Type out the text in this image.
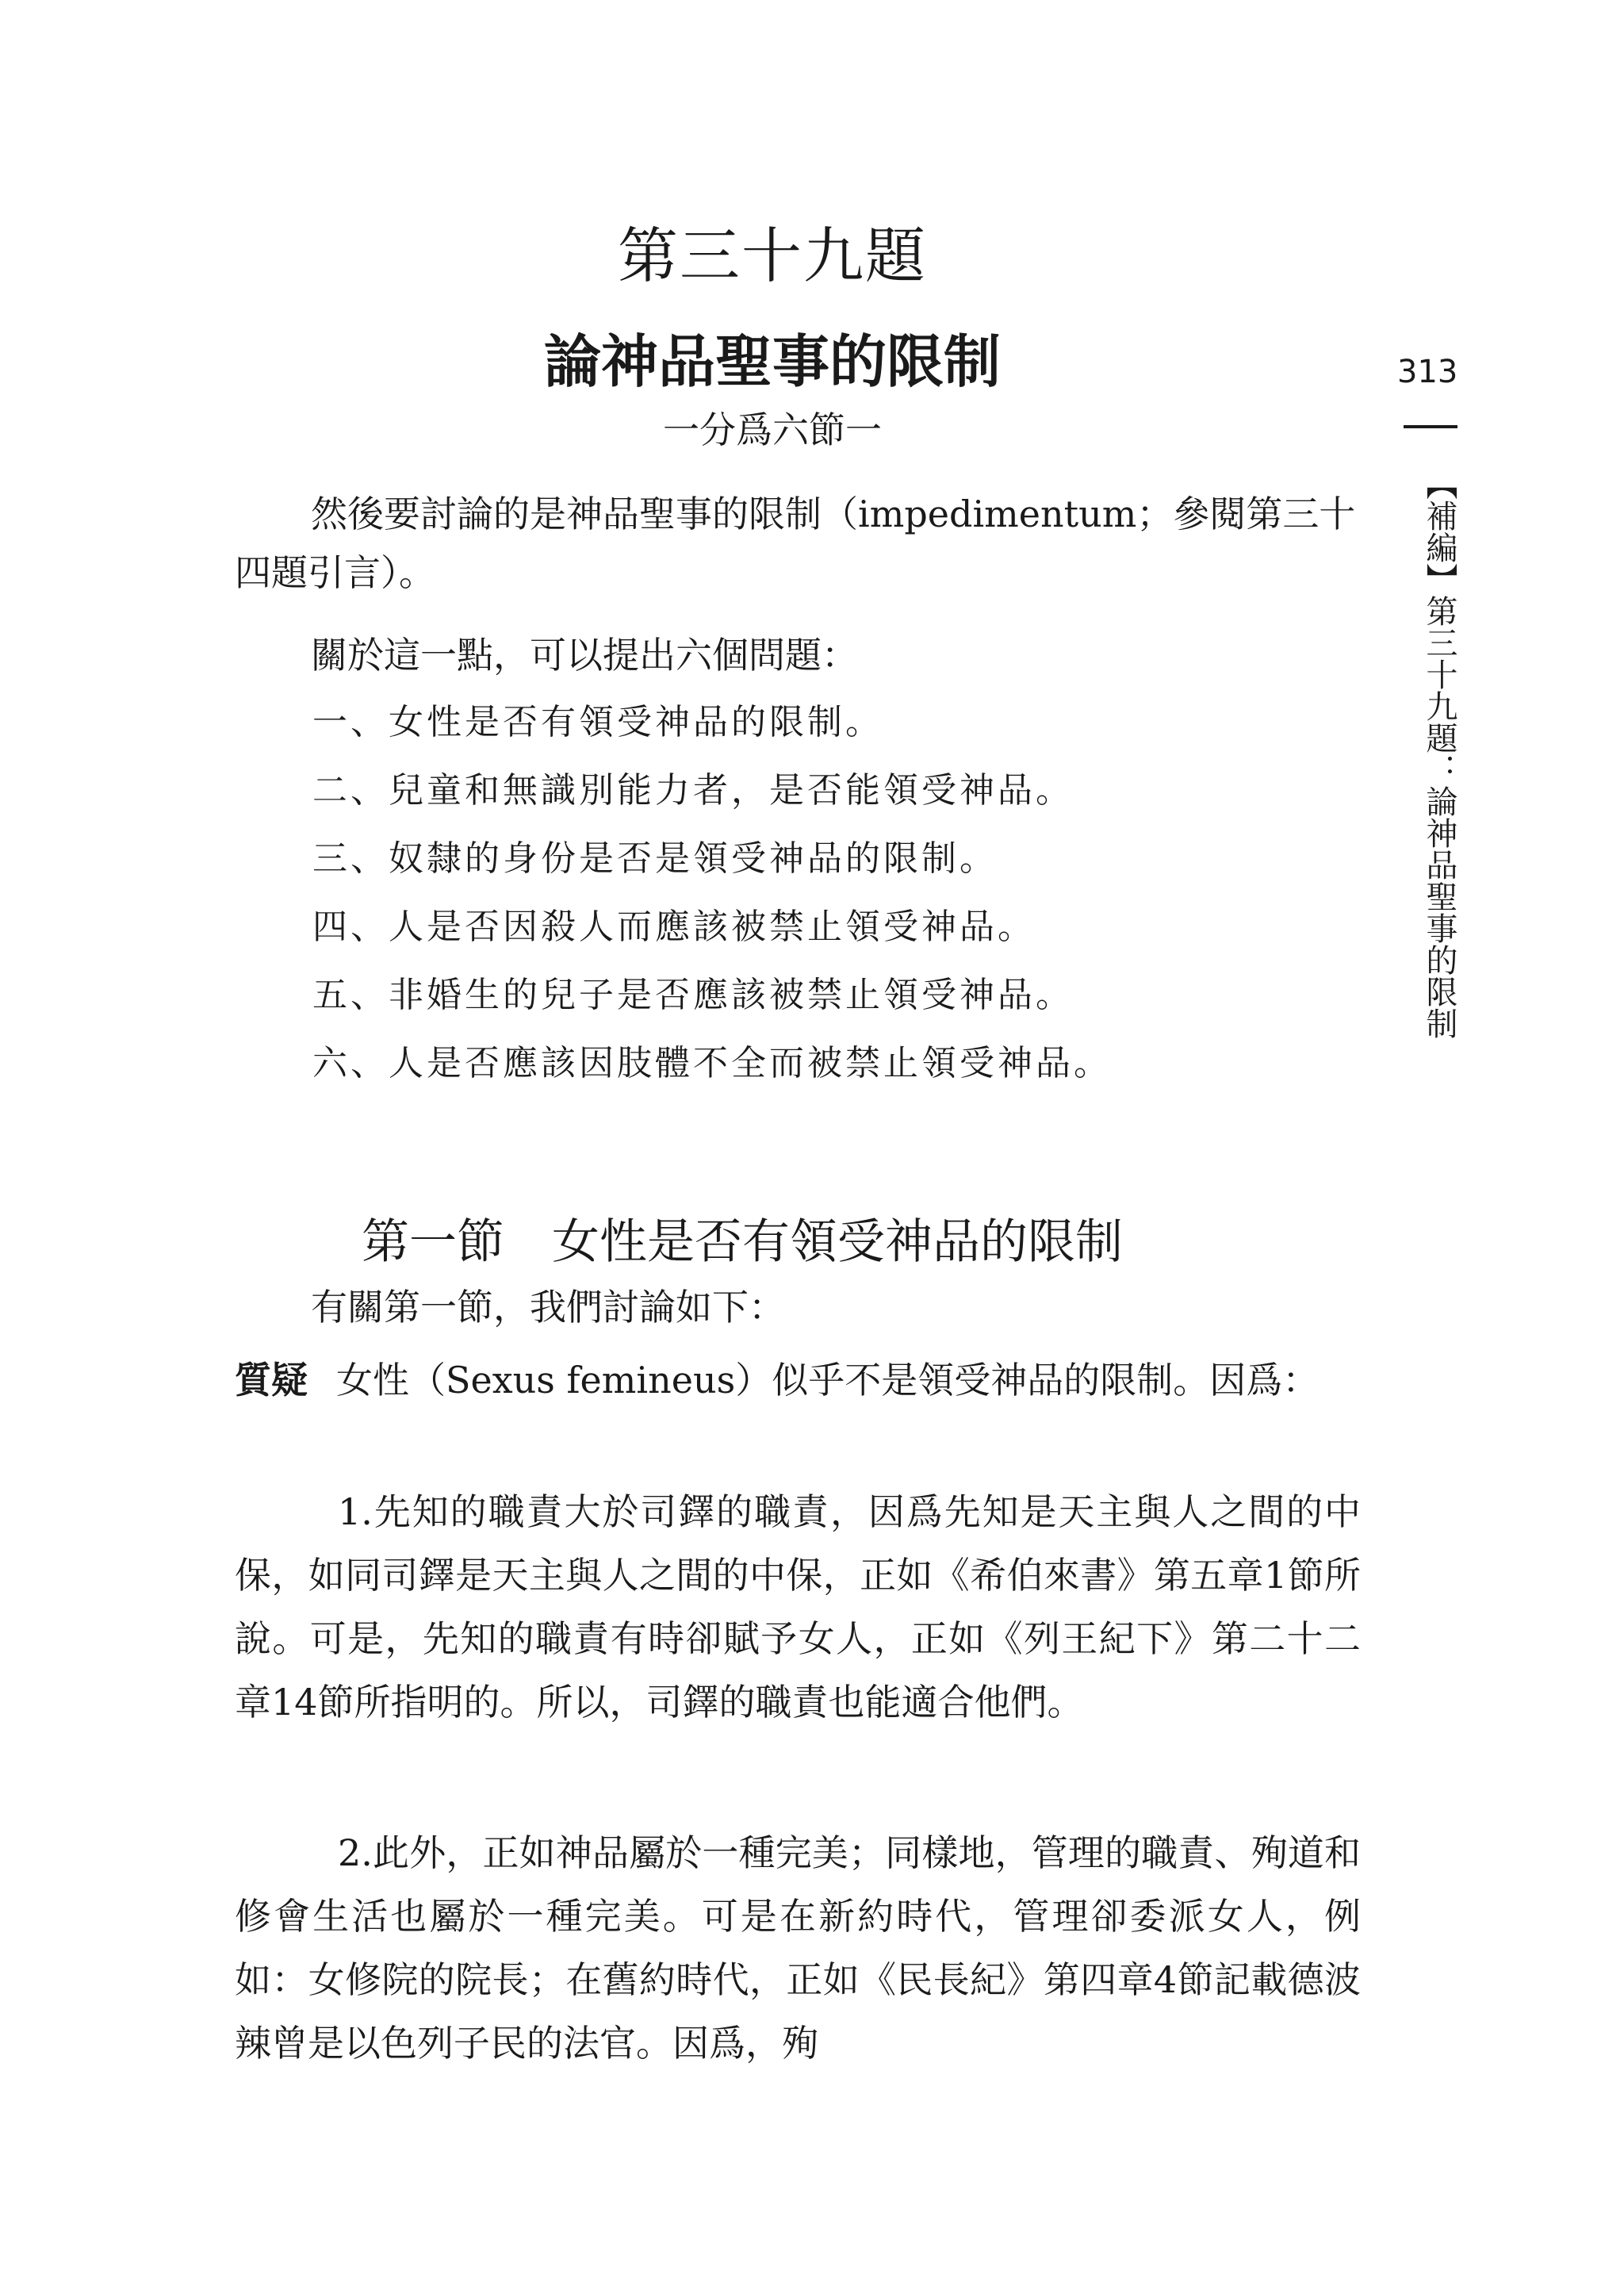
第三十九題
論神品聖事的限制
一分爲六節一
313
【補編】第三十九題：論神品聖事的限制
然後要討論的是神品聖事的限制（impedimentum；參閱第三十四題引言）。
關於這一點，可以提出六個問題：
一、女性是否有領受神品的限制。
二、兒童和無識別能力者，是否能領受神品。
三、奴隸的身份是否是領受神品的限制。
四、人是否因殺人而應該被禁止領受神品。
五、非婚生的兒子是否應該被禁止領受神品。
六、人是否應該因肢體不全而被禁止領受神品。
第一節　女性是否有領受神品的限制
有關第一節，我們討論如下：
質疑 女性（Sexus femineus）似乎不是領受神品的限制。因爲：
1.先知的職責大於司鐸的職責，因爲先知是天主與人之間的中保，如同司鐸是天主與人之間的中保，正如《希伯來書》第五章1節所說。可是，先知的職責有時卻賦予女人，正如《列王紀下》第二十二章14節所指明的。所以，司鐸的職責也能適合他們。
2.此外，正如神品屬於一種完美；同樣地，管理的職責、殉道和修會生活也屬於一種完美。可是在新約時代，管理卻委派女人，例如：女修院的院長；在舊約時代，正如《民長紀》第四章4節記載德波辣曾是以色列子民的法官。因爲，殉
